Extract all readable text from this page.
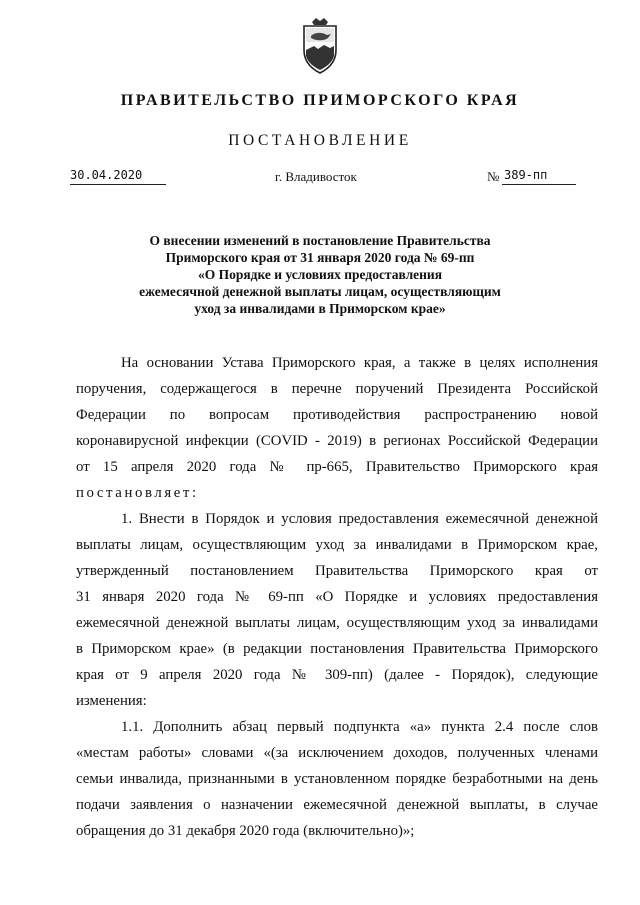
ПРАВИТЕЛЬСТВО ПРИМОРСКОГО КРАЯ
ПОСТАНОВЛЕНИЕ
30.04.2020	г. Владивосток	№ 389-пп
О внесении изменений в постановление Правительства
Приморского края от 31 января 2020 года № 69-пп
«О Порядке и условиях предоставления
ежемесячной денежной выплаты лицам, осуществляющим
уход за инвалидами в Приморском крае»
На основании Устава Приморского края, а также в целях исполнения
поручения, содержащегося в перечне поручений Президента Российской
Федерации по вопросам противодействия распространению новой
коронавирусной инфекции (COVID - 2019) в регионах Российской Федерации
от 15 апреля 2020 года № пр-665, Правительство Приморского края
постановляет:
1. Внести в Порядок и условия предоставления ежемесячной денежной
выплаты лицам, осуществляющим уход за инвалидами в Приморском крае,
утвержденный постановлением Правительства Приморского края от
31 января 2020 года № 69-пп «О Порядке и условиях предоставления
ежемесячной денежной выплаты лицам, осуществляющим уход за инвалидами
в Приморском крае» (в редакции постановления Правительства Приморского
края от 9 апреля 2020 года № 309-пп) (далее - Порядок), следующие
изменения:
1.1. Дополнить абзац первый подпункта «а» пункта 2.4 после слов
«местам работы» словами «(за исключением доходов, полученных членами
семьи инвалида, признанными в установленном порядке безработными на день
подачи заявления о назначении ежемесячной денежной выплаты, в случае
обращения до 31 декабря 2020 года (включительно)»;
